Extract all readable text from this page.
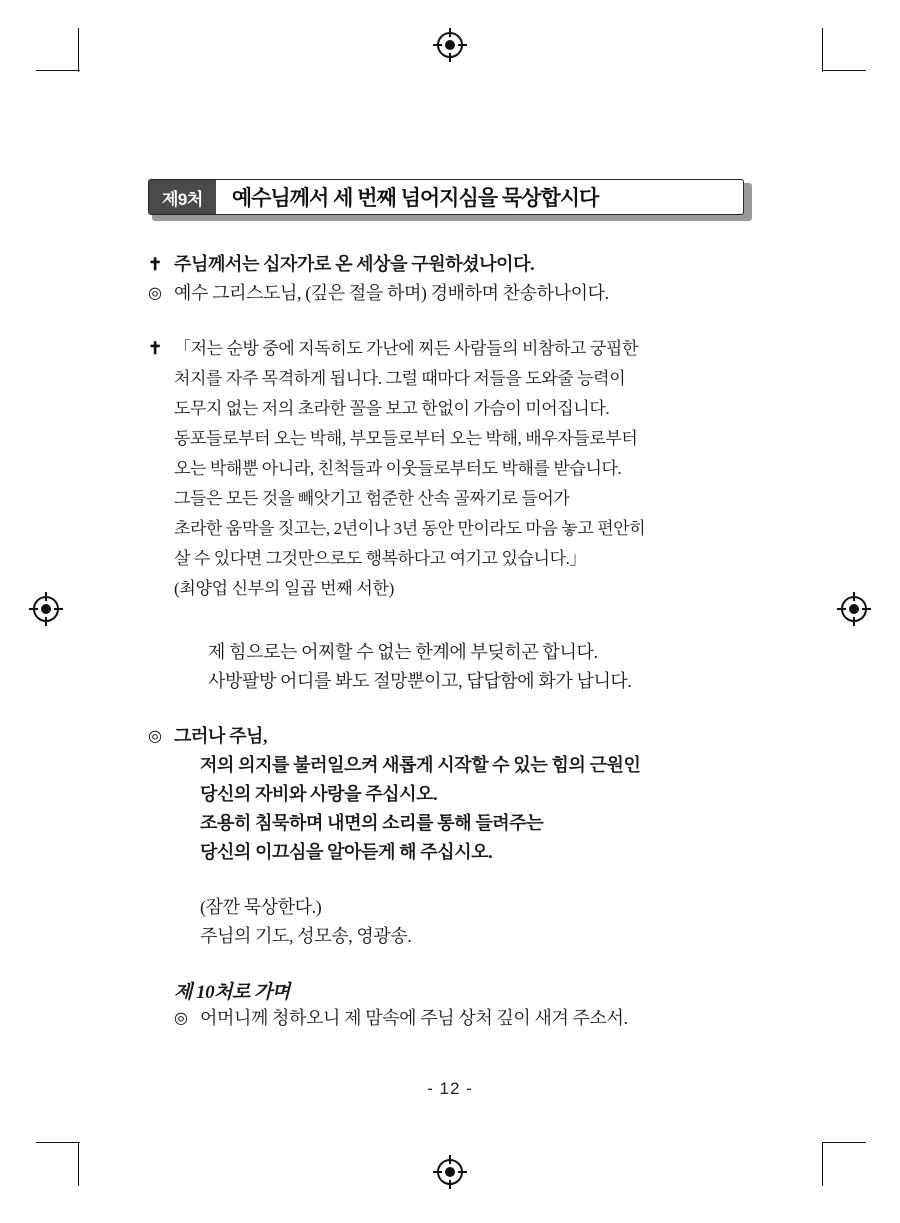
제9처	예수님께서 세 번째 넘어지심을 묵상합시다
✝ 주님께서는 십자가로 온 세상을 구원하셨나이다.
◎ 예수 그리스도님, (깊은 절을 하며) 경배하며 찬송하나이다.
✝ 「저는 순방 중에 지독히도 가난에 찌든 사람들의 비참하고 궁핍한
처지를 자주 목격하게 됩니다. 그럴 때마다 저들을 도와줄 능력이
도무지 없는 저의 초라한 꼴을 보고 한없이 가슴이 미어집니다.
동포들로부터 오는 박해, 부모들로부터 오는 박해, 배우자들로부터
오는 박해뿐 아니라, 친척들과 이웃들로부터도 박해를 받습니다.
그들은 모든 것을 빼앗기고 험준한 산속 골짜기로 들어가
초라한 움막을 짓고는, 2년이나 3년 동안 만이라도 마음 놓고 편안히
살 수 있다면 그것만으로도 행복하다고 여기고 있습니다.」
(최양업 신부의 일곱 번째 서한)
제 힘으로는 어찌할 수 없는 한계에 부딪히곤 합니다.
사방팔방 어디를 봐도 절망뿐이고, 답답함에 화가 납니다.
◎ 그러나 주님,
저의 의지를 불러일으켜 새롭게 시작할 수 있는 힘의 근원인
당신의 자비와 사랑을 주십시오.
조용히 침묵하며 내면의 소리를 통해 들려주는
당신의 이끄심을 알아듣게 해 주십시오.
(잠깐 묵상한다.)
주님의 기도, 성모송, 영광송.
제 10처로 가며
◎ 어머니께 청하오니 제 맘속에 주님 상처 깊이 새겨 주소서.
- 12 -
